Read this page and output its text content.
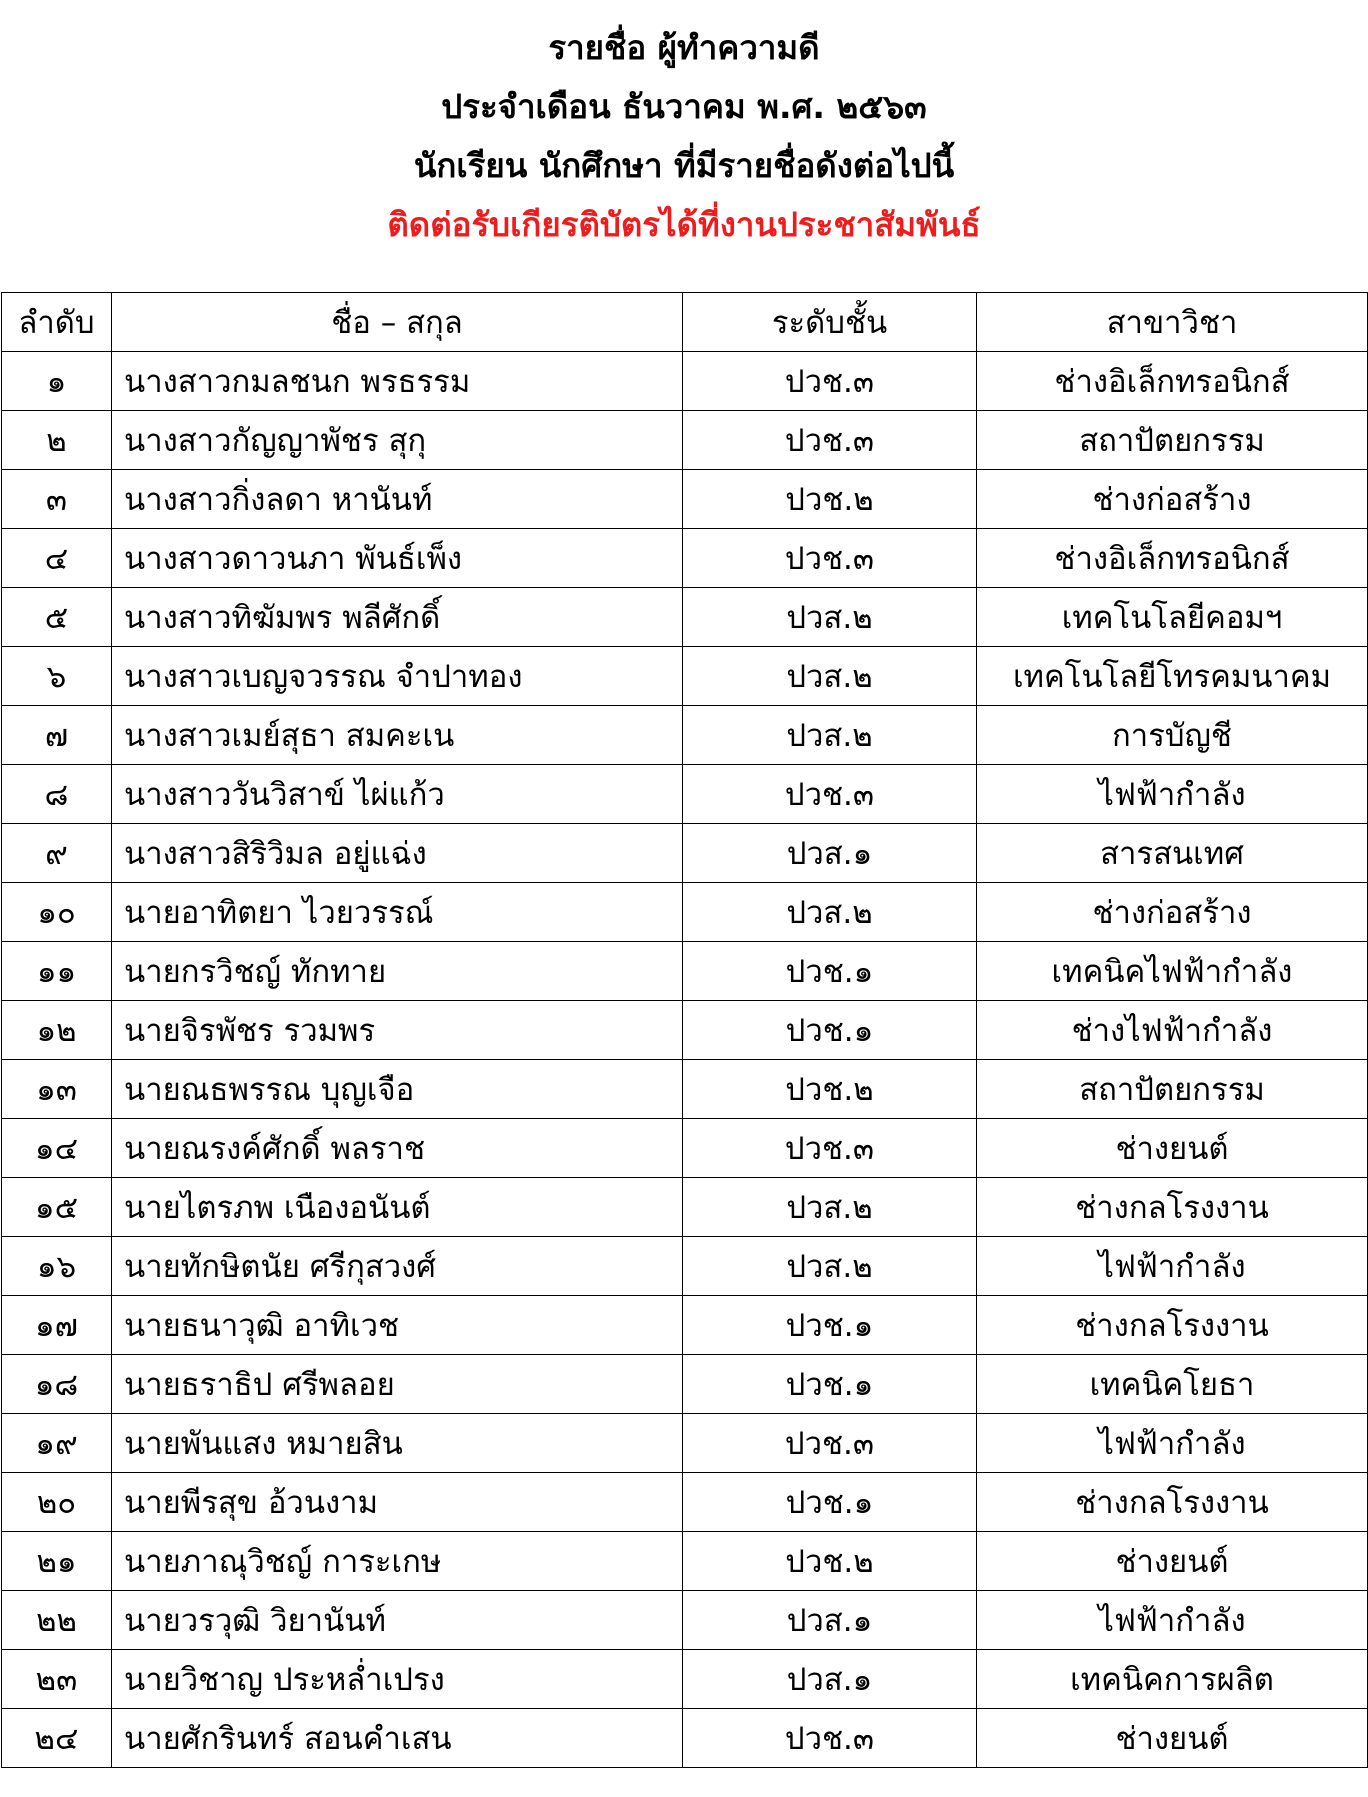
รายชื่อ ผู้ทำความดี
ประจำเดือน ธันวาคม พ.ศ. ๒๕๖๓
นักเรียน นักศึกษา ที่มีรายชื่อดังต่อไปนี้
ติดต่อรับเกียรติบัตรได้ที่งานประชาสัมพันธ์
ลำดับ	ชื่อ – สกุล	ระดับชั้น	สาขาวิชา
๑	นางสาวกมลชนก พรธรรม	ปวช.๓	ช่างอิเล็กทรอนิกส์
๒	นางสาวกัญญาพัชร สุกุ	ปวช.๓	สถาปัตยกรรม
๓	นางสาวกิ่งลดา หานันท์	ปวช.๒	ช่างก่อสร้าง
๔	นางสาวดาวนภา พันธ์เพ็ง	ปวช.๓	ช่างอิเล็กทรอนิกส์
๕	นางสาวทิฆัมพร พลีศักดิ์	ปวส.๒	เทคโนโลยีคอมฯ
๖	นางสาวเบญจวรรณ จำปาทอง	ปวส.๒	เทคโนโลยีโทรคมนาคม
๗	นางสาวเมย์สุธา สมคะเน	ปวส.๒	การบัญชี
๘	นางสาววันวิสาข์ ไผ่แก้ว	ปวช.๓	ไฟฟ้ากำลัง
๙	นางสาวสิริวิมล อยู่แฉ่ง	ปวส.๑	สารสนเทศ
๑๐	นายอาทิตยา ไวยวรรณ์	ปวส.๒	ช่างก่อสร้าง
๑๑	นายกรวิชญ์ ทักทาย	ปวช.๑	เทคนิคไฟฟ้ากำลัง
๑๒	นายจิรพัชร รวมพร	ปวช.๑	ช่างไฟฟ้ากำลัง
๑๓	นายณธพรรณ บุญเจือ	ปวช.๒	สถาปัตยกรรม
๑๔	นายณรงค์ศักดิ์ พลราช	ปวช.๓	ช่างยนต์
๑๕	นายไตรภพ เนืองอนันต์	ปวส.๒	ช่างกลโรงงาน
๑๖	นายทักษิตนัย ศรีกุสวงศ์	ปวส.๒	ไฟฟ้ากำลัง
๑๗	นายธนาวุฒิ อาทิเวช	ปวช.๑	ช่างกลโรงงาน
๑๘	นายธราธิป ศรีพลอย	ปวช.๑	เทคนิคโยธา
๑๙	นายพันแสง หมายสิน	ปวช.๓	ไฟฟ้ากำลัง
๒๐	นายพีรสุข อ้วนงาม	ปวช.๑	ช่างกลโรงงาน
๒๑	นายภาณุวิชญ์ การะเกษ	ปวช.๒	ช่างยนต์
๒๒	นายวรวุฒิ วิยานันท์	ปวส.๑	ไฟฟ้ากำลัง
๒๓	นายวิชาญ ประหล่ำเปรง	ปวส.๑	เทคนิคการผลิต
๒๔	นายศักรินทร์ สอนคำเสน	ปวช.๓	ช่างยนต์
